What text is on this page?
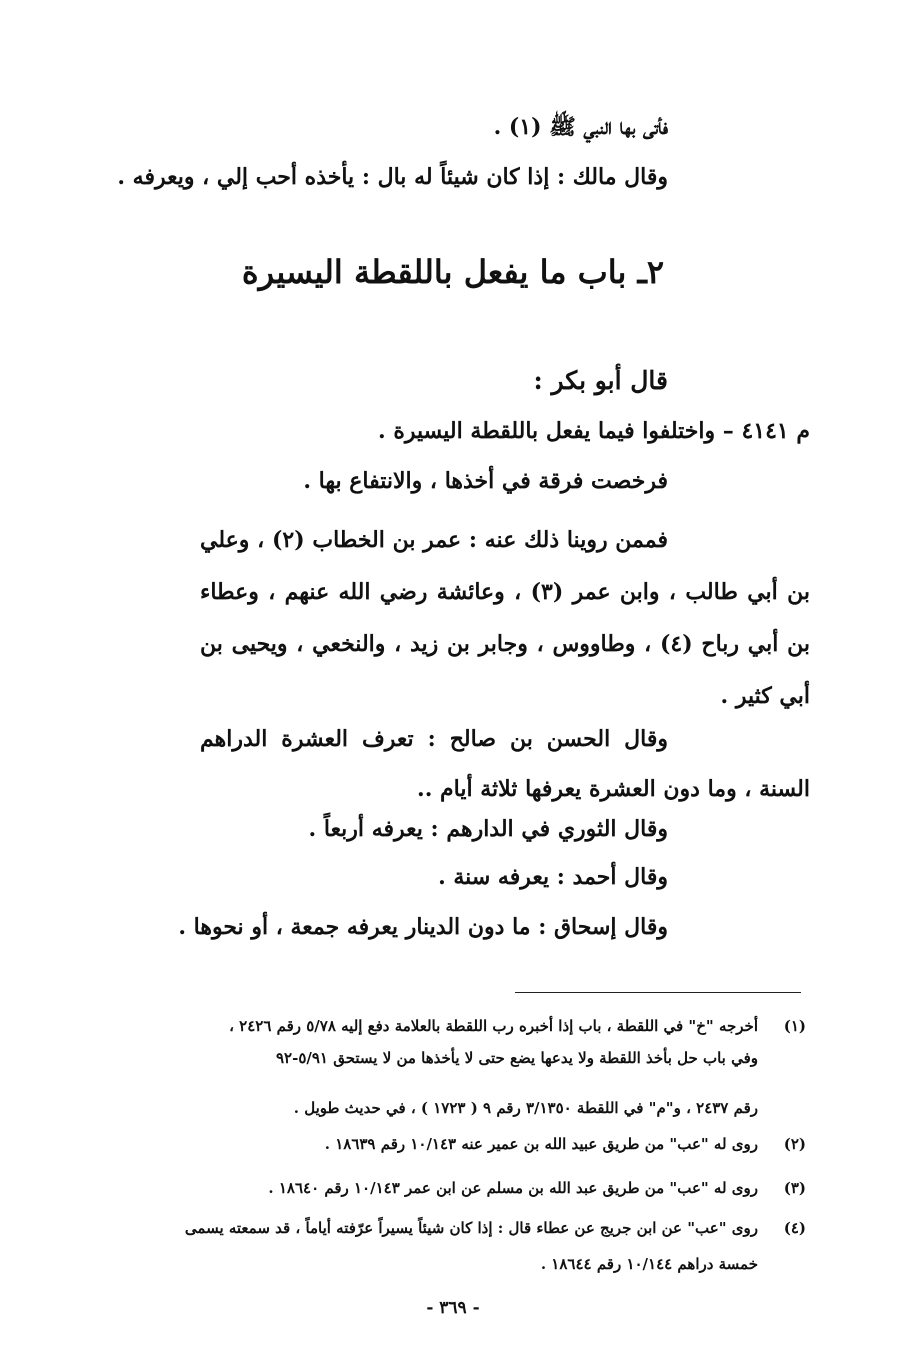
فأتى بها النبي ﷺ (١) .
وقال مالك : إذا كان شيئاً له بال : يأخذه أحب إلي ، ويعرفه .
٢ـ باب ما يفعل باللقطة اليسيرة
قال أبو بكر :
م ٤١٤١ – واختلفوا فيما يفعل باللقطة اليسيرة .
فرخصت فرقة في أخذها ، والانتفاع بها .
فممن روينا ذلك عنه : عمر بن الخطاب (٢) ، وعلي بن أبي طالب ، وابن عمر (٣) ، وعائشة رضي الله عنهم ، وعطاء بن أبي رباح (٤) ، وطاووس ، وجابر بن زيد ، والنخعي ، ويحيى بن أبي كثير .
وقال الحسن بن صالح : تعرف العشرة الدراهم السنة ، وما دون العشرة يعرفها ثلاثة أيام ..
وقال الثوري في الدارهم : يعرفه أربعاً .
وقال أحمد : يعرفه سنة .
وقال إسحاق : ما دون الدينار يعرفه جمعة ، أو نحوها .
(١)
أخرجه "خ" في اللقطة ، باب إذا أخبره رب اللقطة بالعلامة دفع إليه ٥/٧٨ رقم ٢٤٢٦ ،
وفي باب حل بأخذ اللقطة ولا يدعها يضع حتى لا يأخذها من لا يستحق ٥/٩١-٩٢
رقم ٢٤٣٧ ، و"م" في اللقطة ٣/١٣٥٠ رقم ٩ ( ١٧٢٣ ) ، في حديث طويل .
(٢)
روى له "عب" من طريق عبيد الله بن عمير عنه ١٠/١٤٣ رقم ١٨٦٣٩ .
(٣)
روى له "عب" من طريق عبد الله بن مسلم عن ابن عمر ١٠/١٤٣ رقم ١٨٦٤٠ .
(٤)
روى "عب" عن ابن جريج عن عطاء قال : إذا كان شيئاً يسيراً عرّفته أياماً ، قد سمعته يسمى
خمسة دراهم ١٠/١٤٤ رقم ١٨٦٤٤ .
- ٣٦٩ -
